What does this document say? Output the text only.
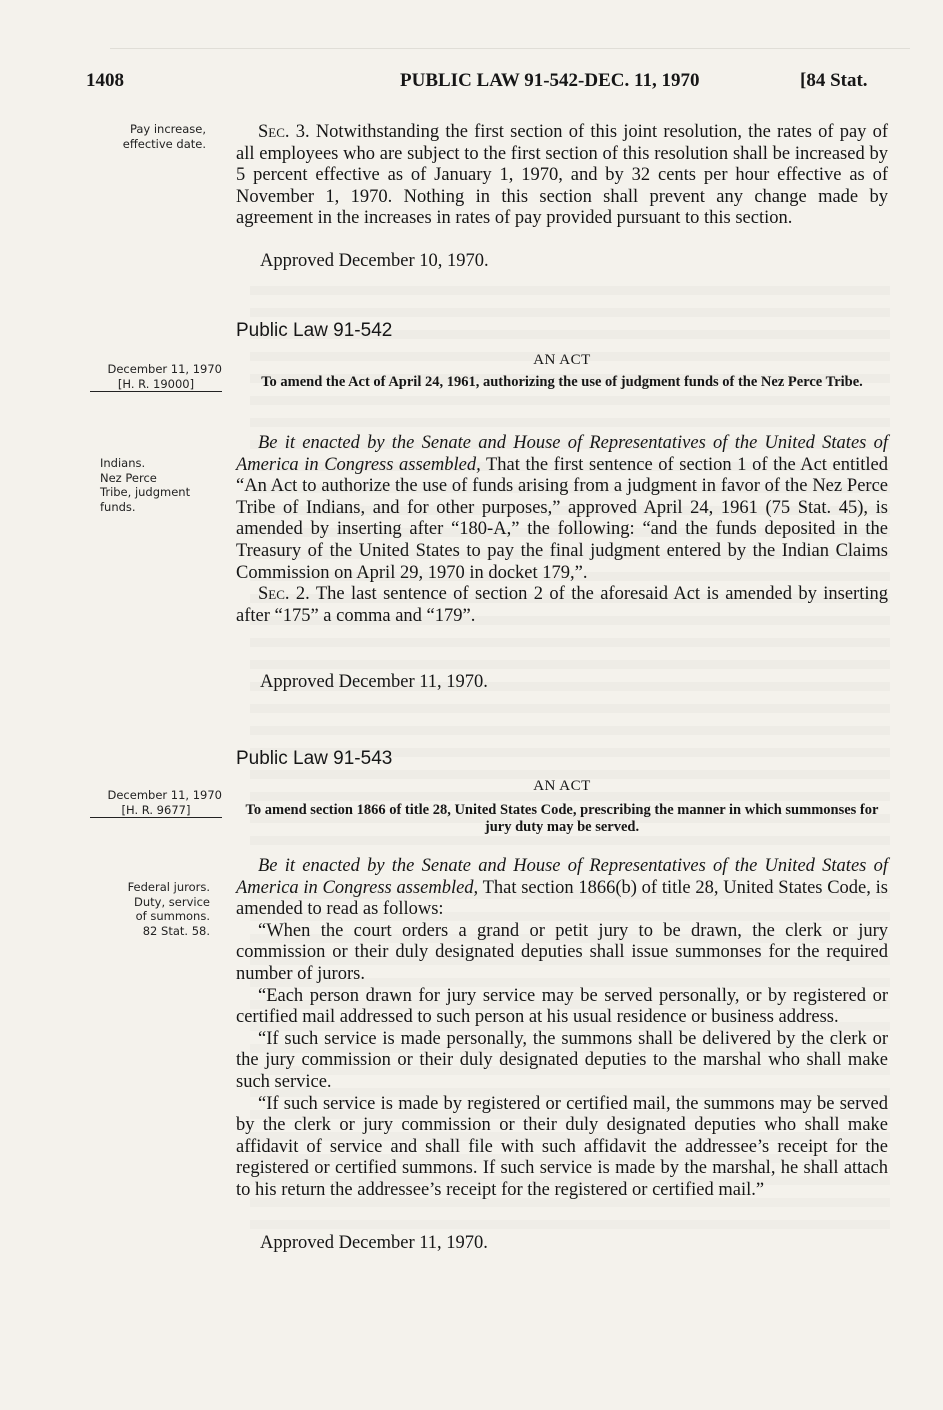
1408	PUBLIC LAW 91-542-DEC. 11, 1970	[84 Stat.
Pay increase,
effective date.

Sec. 3. Notwithstanding the first section of this joint resolution, the rates of pay of all employees who are subject to the first section of this resolution shall be increased by 5 percent effective as of January 1, 1970, and by 32 cents per hour effective as of November 1, 1970. Nothing in this section shall prevent any change made by agreement in the increases in rates of pay provided pursuant to this section.

Approved December 10, 1970.
Public Law 91-542
December 11, 1970
[H. R. 19000]
AN ACT
To amend the Act of April 24, 1961, authorizing the use of judgment funds of the Nez Perce Tribe.
Indians.
Nez Perce
Tribe, judgment
funds.

Be it enacted by the Senate and House of Representatives of the United States of America in Congress assembled, That the first sentence of section 1 of the Act entitled “An Act to authorize the use of funds arising from a judgment in favor of the Nez Perce Tribe of Indians, and for other purposes,” approved April 24, 1961 (75 Stat. 45), is amended by inserting after “180-A,” the following: “and the funds deposited in the Treasury of the United States to pay the final judgment entered by the Indian Claims Commission on April 29, 1970 in docket 179,”.

Sec. 2. The last sentence of section 2 of the aforesaid Act is amended by inserting after “175” a comma and “179”.

Approved December 11, 1970.
Public Law 91-543
December 11, 1970
[H. R. 9677]
AN ACT
To amend section 1866 of title 28, United States Code, prescribing the manner in which summonses for jury duty may be served.
Federal jurors.
Duty, service
of summons.
82 Stat. 58.

Be it enacted by the Senate and House of Representatives of the United States of America in Congress assembled, That section 1866(b) of title 28, United States Code, is amended to read as follows:

“When the court orders a grand or petit jury to be drawn, the clerk or jury commission or their duly designated deputies shall issue summonses for the required number of jurors.

“Each person drawn for jury service may be served personally, or by registered or certified mail addressed to such person at his usual residence or business address.

“If such service is made personally, the summons shall be delivered by the clerk or the jury commission or their duly designated deputies to the marshal who shall make such service.

“If such service is made by registered or certified mail, the summons may be served by the clerk or jury commission or their duly designated deputies who shall make affidavit of service and shall file with such affidavit the addressee’s receipt for the registered or certified summons. If such service is made by the marshal, he shall attach to his return the addressee’s receipt for the registered or certified mail.”

Approved December 11, 1970.
